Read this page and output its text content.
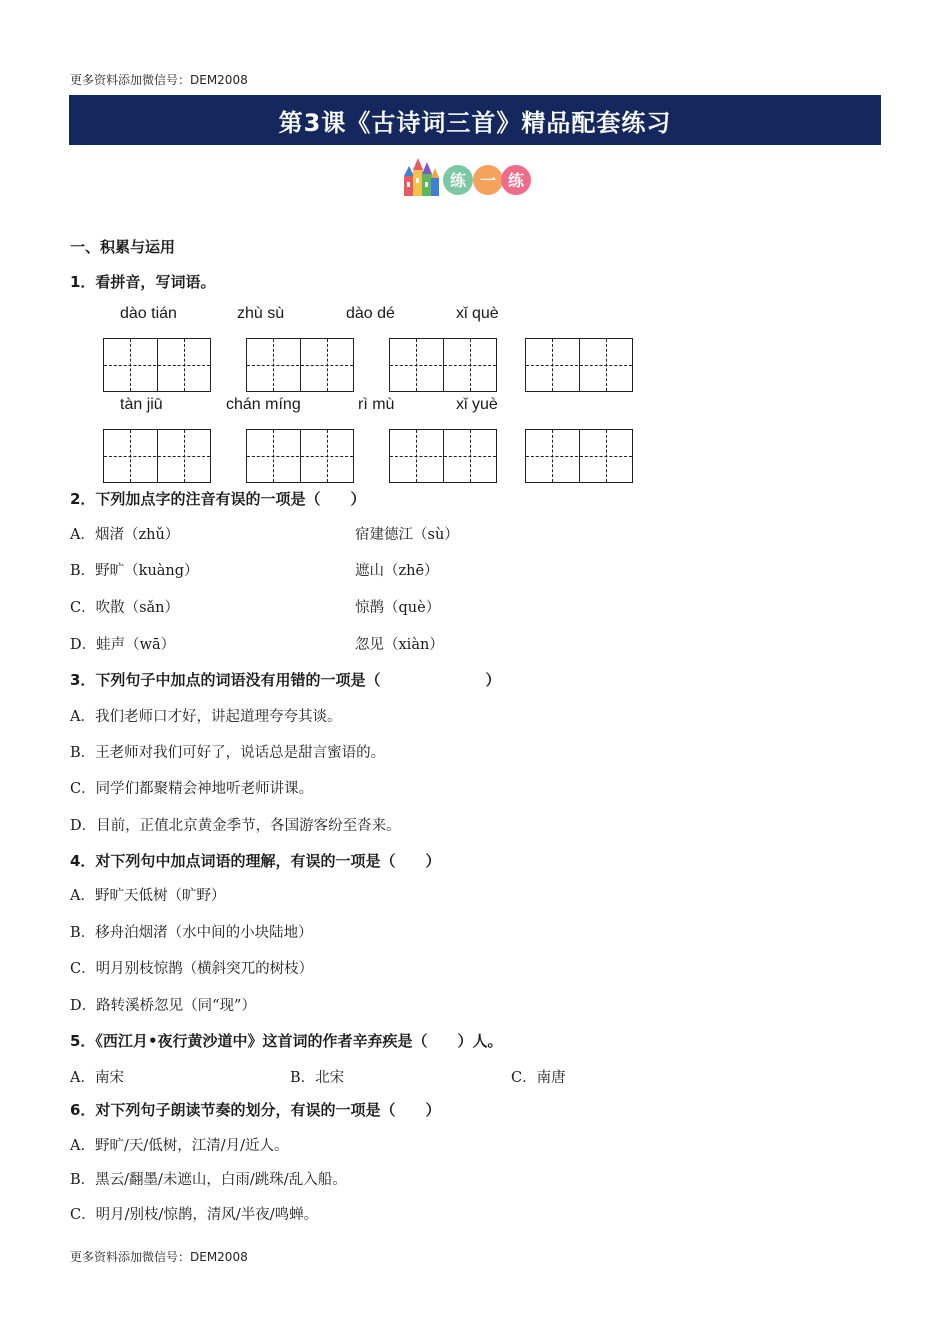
更多资料添加微信号：DEM2008
第3课《古诗词三首》精品配套练习
练 一 练
一、积累与运用
1．看拼音，写词语。
dào tián	zhù sù	dào dé	xǐ què
tàn jiū	chán míng	rì mù	xǐ yuè
2．下列加点字的注音有误的一项是（　　）
A．烟渚（zhǔ）	宿建德江（sù）
B．野旷（kuàng）	遮山（zhē）
C．吹散（sǎn）	惊鹊（què）
D．蛙声（wā）	忽见（xiàn）
3．下列句子中加点的词语没有用错的一项是（　　　　　　　）
A．我们老师口才好，讲起道理夸夸其谈。
B．王老师对我们可好了，说话总是甜言蜜语的。
C．同学们都聚精会神地听老师讲课。
D．目前，正值北京黄金季节，各国游客纷至沓来。
4．对下列句中加点词语的理解，有误的一项是（　　）
A．野旷天低树（旷野）
B．移舟泊烟渚（水中间的小块陆地）
C．明月别枝惊鹊（横斜突兀的树枝）
D．路转溪桥忽见（同“现”）
5．《西江月•夜行黄沙道中》这首词的作者辛弃疾是（　　）人。
A．南宋	B．北宋	C．南唐
6．对下列句子朗读节奏的划分，有误的一项是（　　）
A．野旷/天/低树，江清/月/近人。
B．黑云/翻墨/未遮山，白雨/跳珠/乱入船。
C．明月/别枝/惊鹊，清风/半夜/鸣蝉。
更多资料添加微信号：DEM2008
